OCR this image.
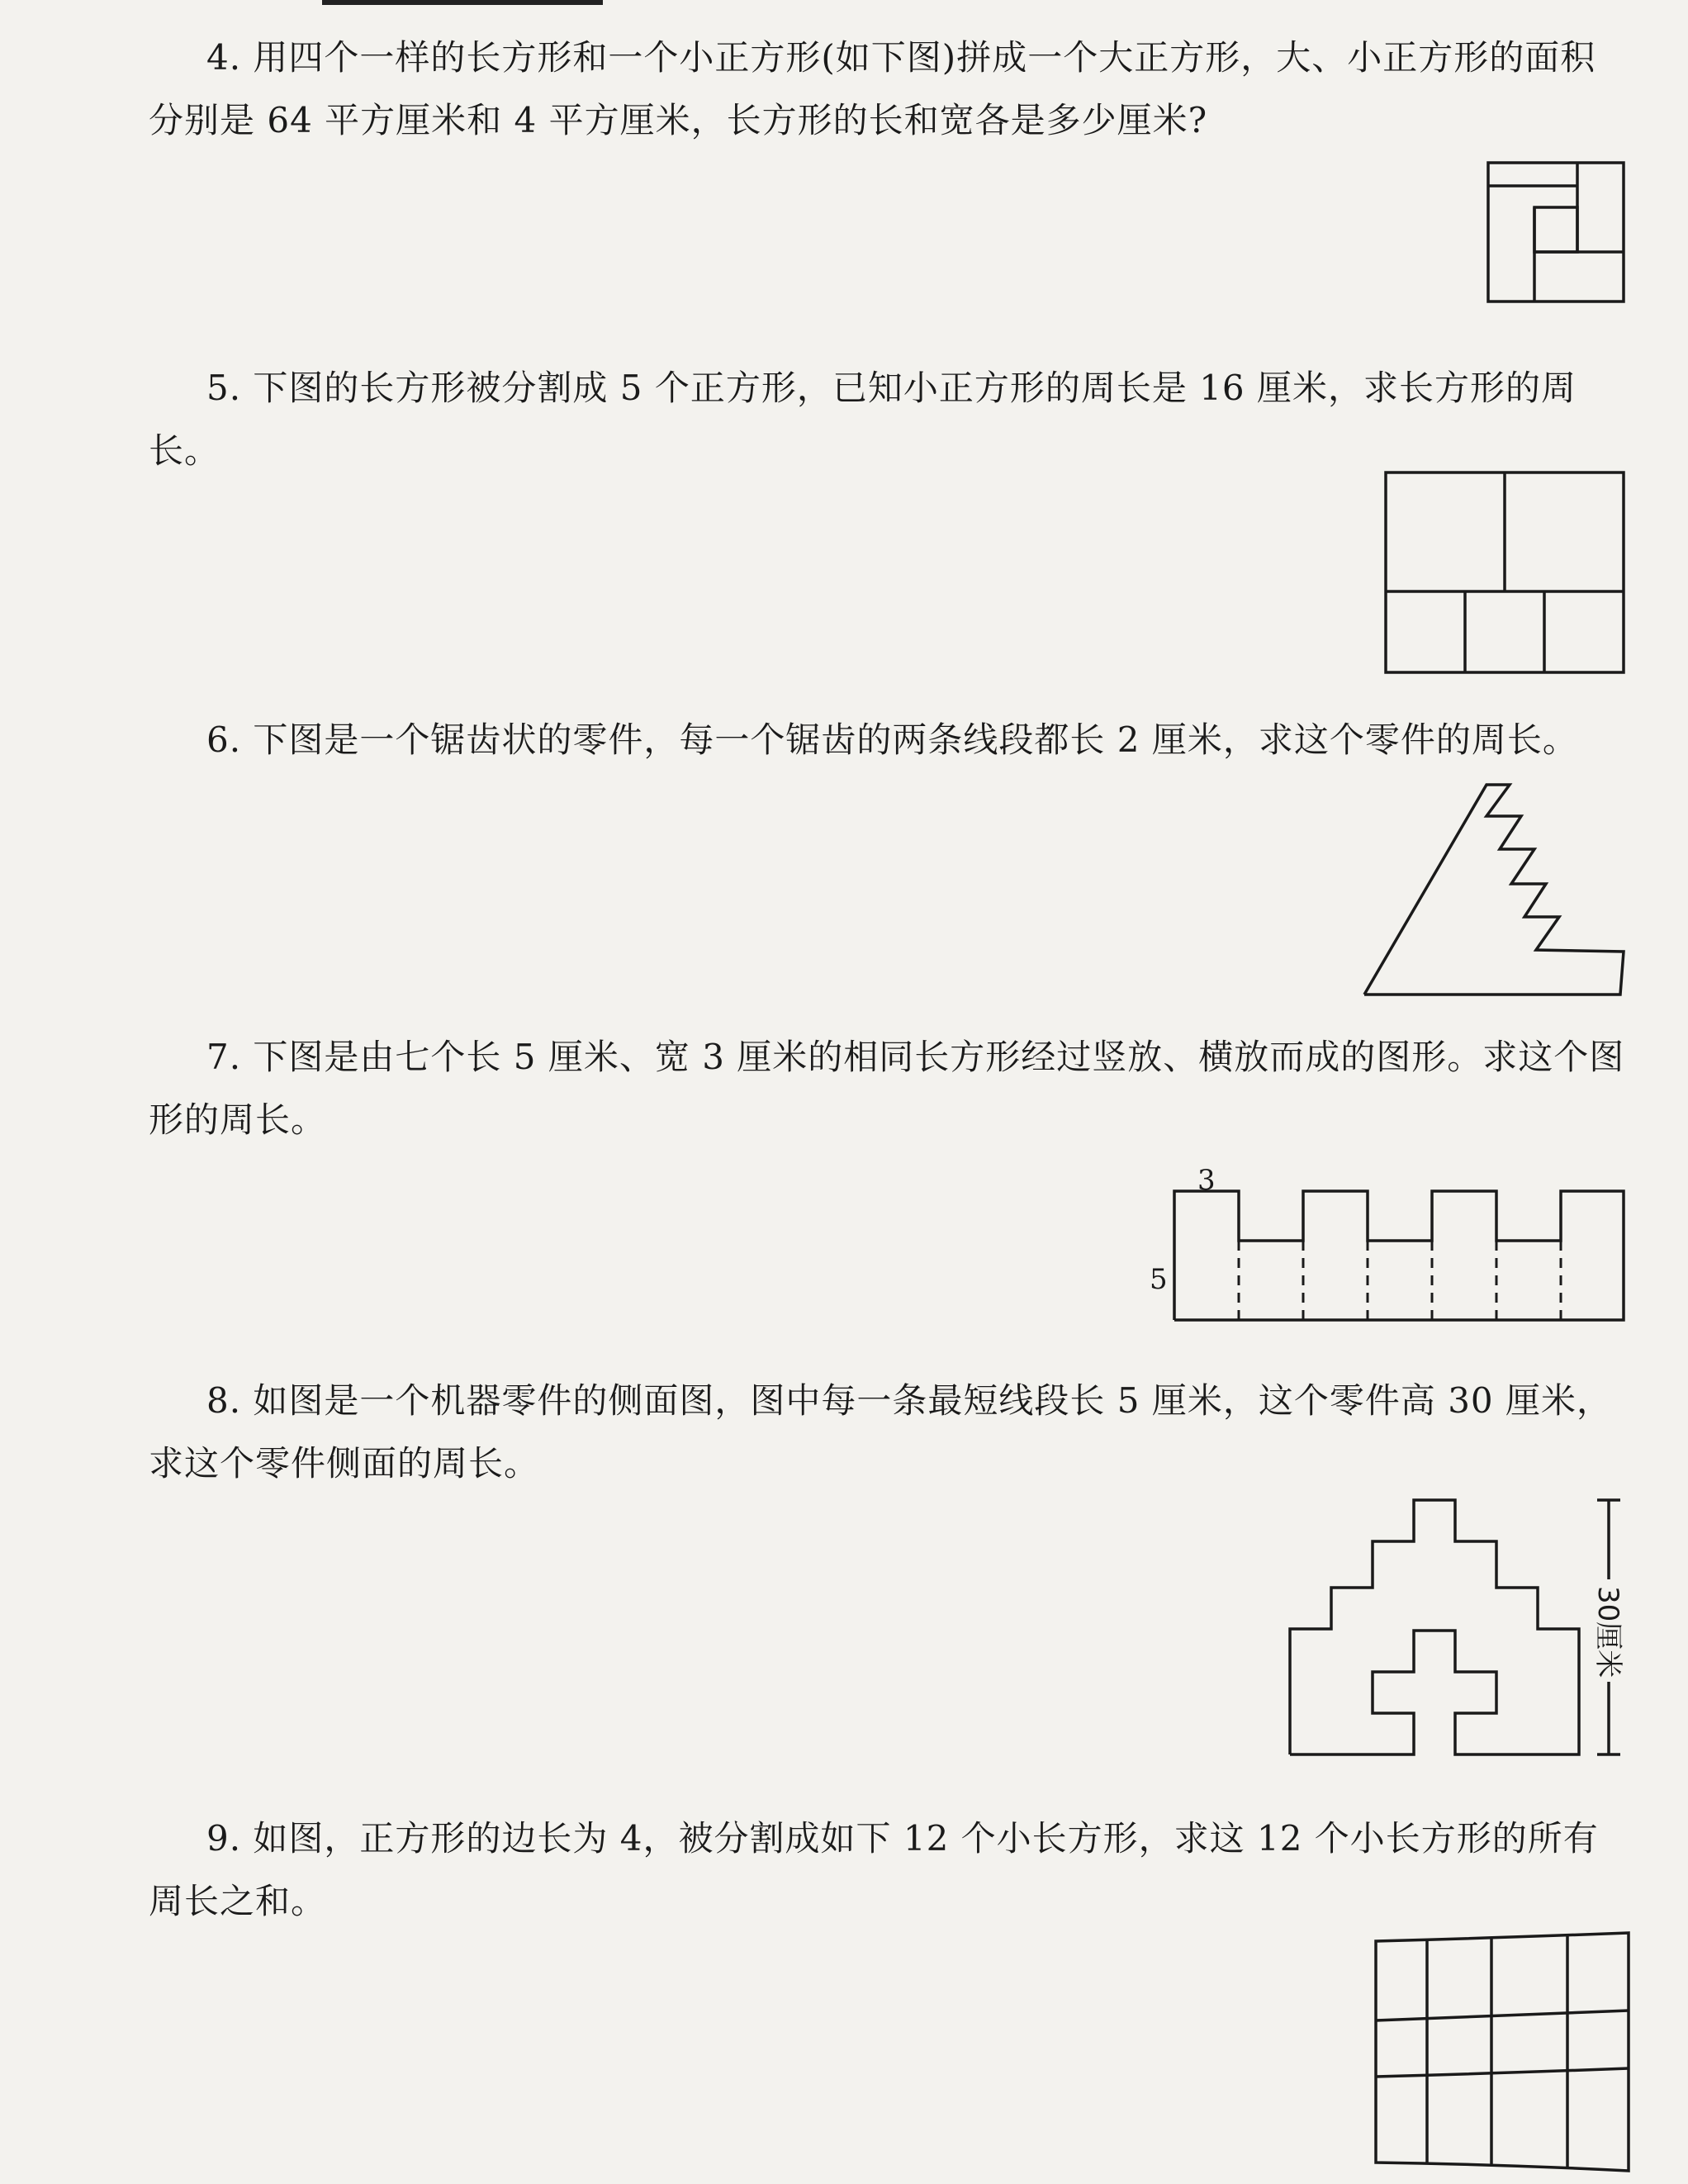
4. 用四个一样的长方形和一个小正方形(如下图)拼成一个大正方形，大、小正方形的面积分别是 64 平方厘米和 4 平方厘米，长方形的长和宽各是多少厘米?

5. 下图的长方形被分割成 5 个正方形，已知小正方形的周长是 16 厘米，求长方形的周长。

6. 下图是一个锯齿状的零件，每一个锯齿的两条线段都长 2 厘米，求这个零件的周长。

7. 下图是由七个长 5 厘米、宽 3 厘米的相同长方形经过竖放、横放而成的图形。求这个图形的周长。

3
5

8. 如图是一个机器零件的侧面图，图中每一条最短线段长 5 厘米，这个零件高 30 厘米，求这个零件侧面的周长。

30厘米

9. 如图，正方形的边长为 4，被分割成如下 12 个小长方形，求这 12 个小长方形的所有周长之和。
